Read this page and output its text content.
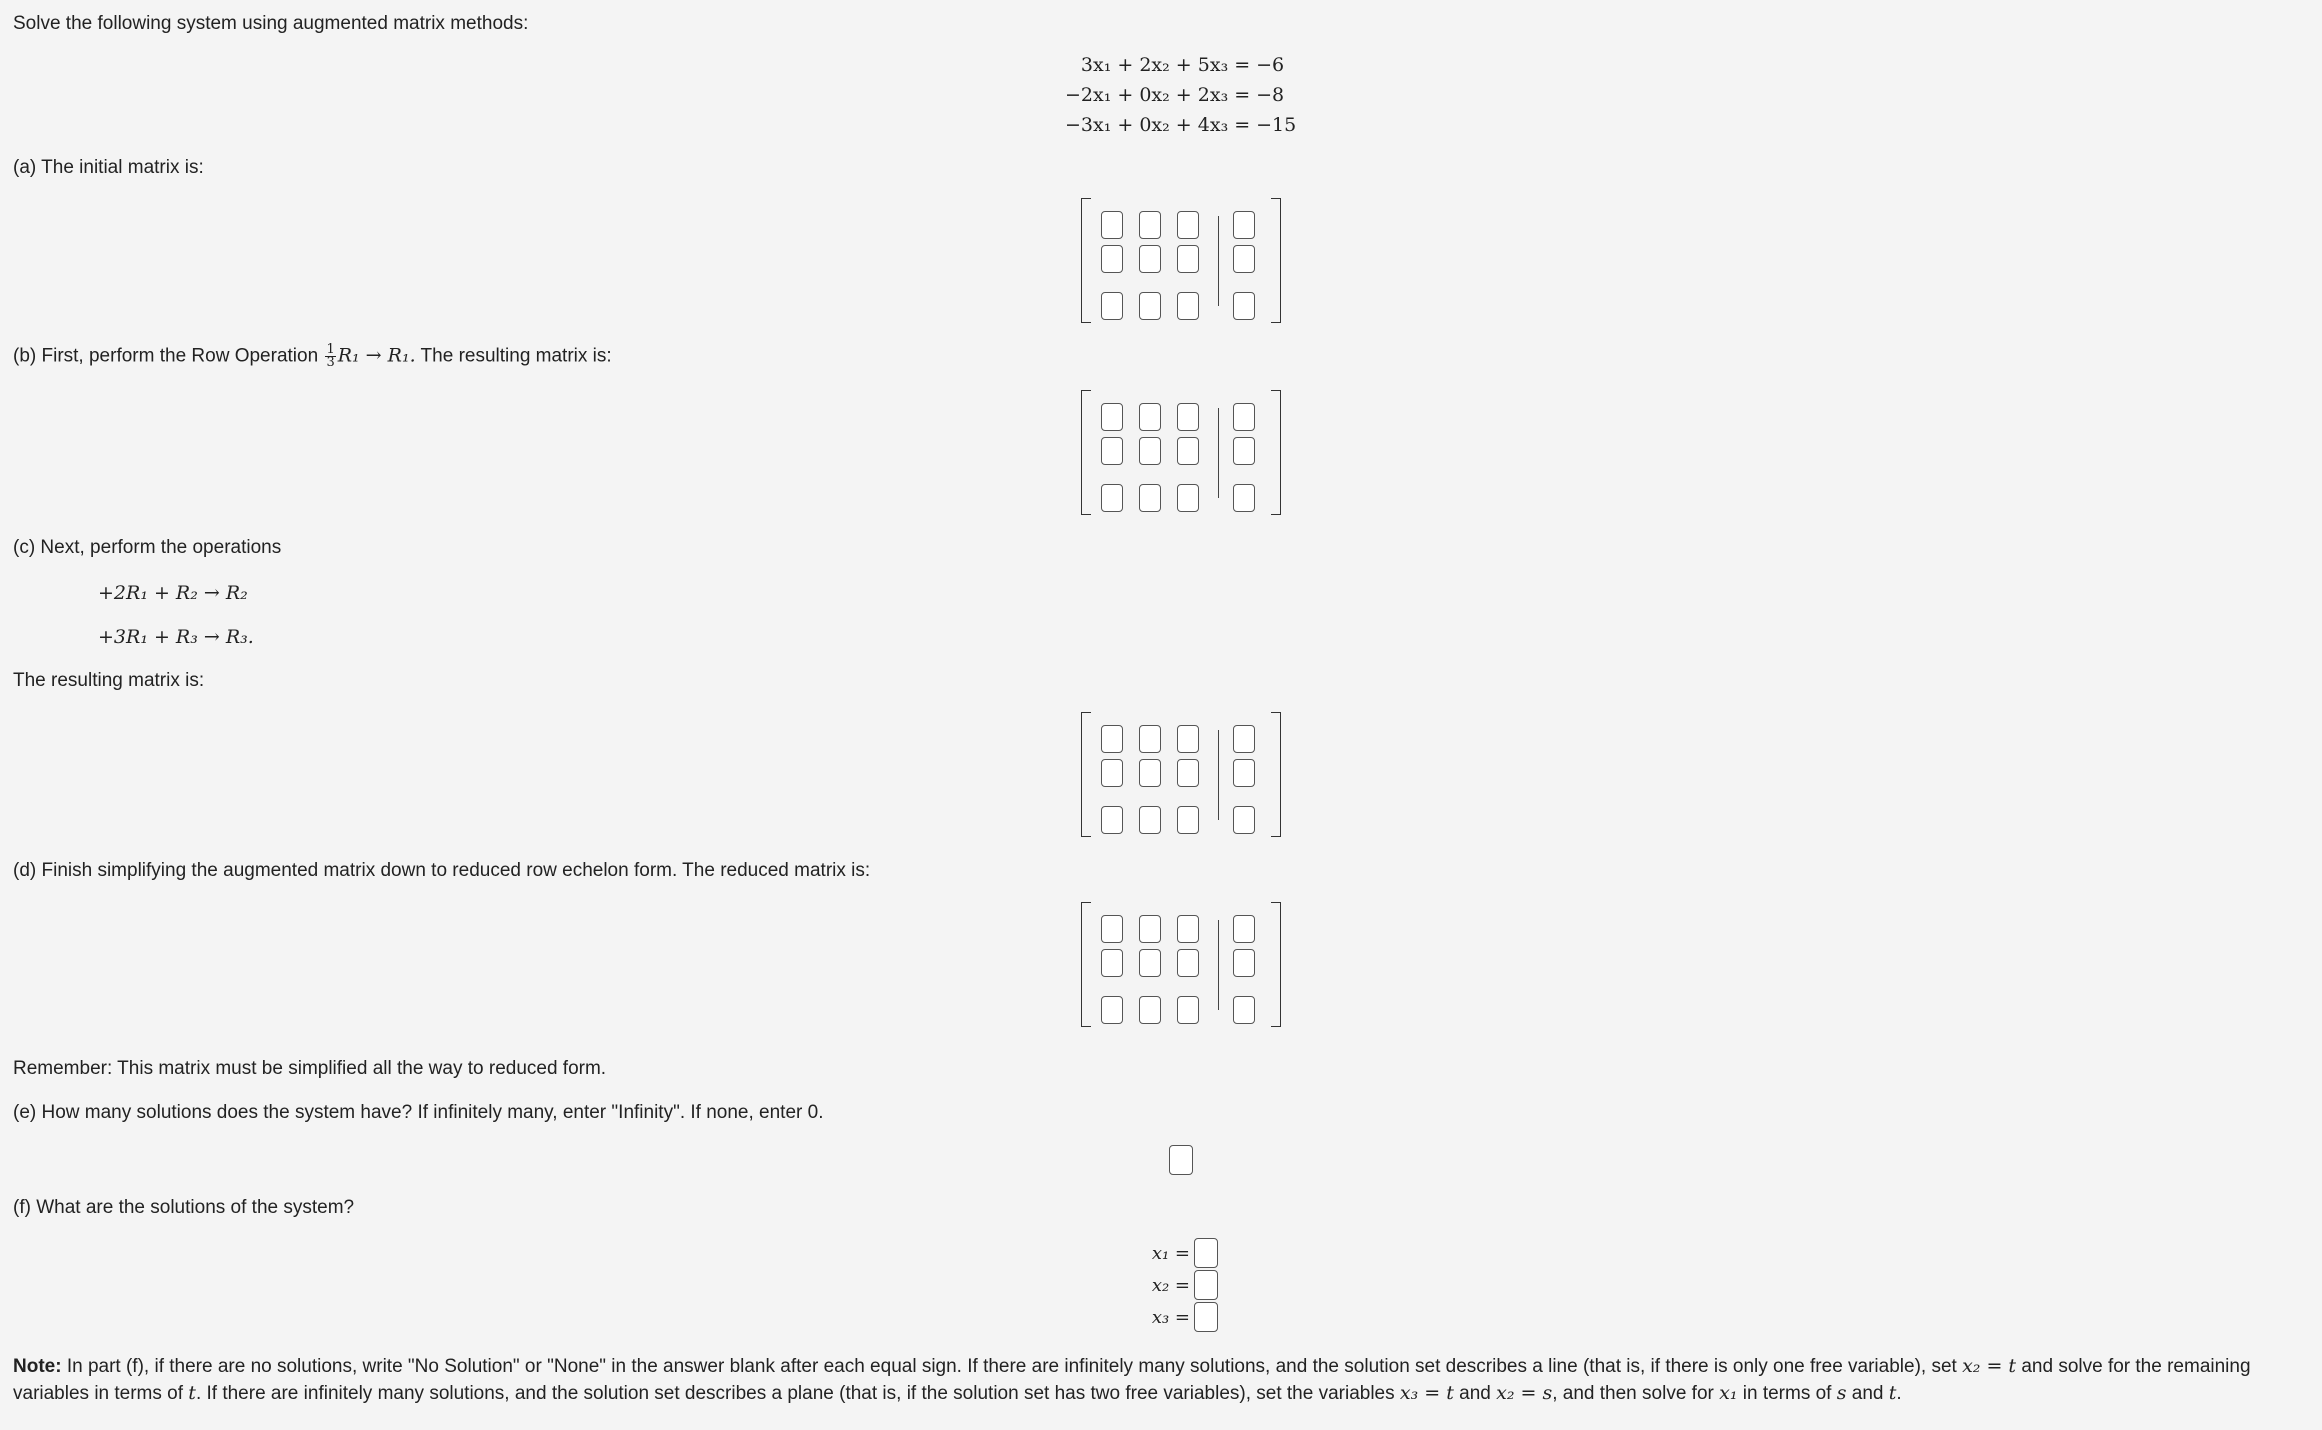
Solve the following system using augmented matrix methods:
3x₁ + 2x₂ + 5x₃	=	−6
−2x₁ + 0x₂ + 2x₃	=	−8
−3x₁ + 0x₂ + 4x₃	=	−15
(a) The initial matrix is:
(b) First, perform the Row Operation $\frac{1}{3} R_1 \to R_1$. The resulting matrix is:
(c) Next, perform the operations
+2R₁ + R₂ → R₂
+3R₁ + R₃ → R₃.
The resulting matrix is:
(d) Finish simplifying the augmented matrix down to reduced row echelon form. The reduced matrix is:
Remember: This matrix must be simplified all the way to reduced form.
(e) How many solutions does the system have? If infinitely many, enter "Infinity". If none, enter 0.
(f) What are the solutions of the system?
x₁ =
x₂ =
x₃ =
Note: In part (f), if there are no solutions, write "No Solution" or "None" in the answer blank after each equal sign. If there are infinitely many solutions, and the solution set describes a line (that is, if there is only one free variable), set x₂ = t and solve for the remaining variables in terms of t. If there are infinitely many solutions, and the solution set describes a plane (that is, if the solution set has two free variables), set the variables x₃ = t and x₂ = s, and then solve for x₁ in terms of s and t.
